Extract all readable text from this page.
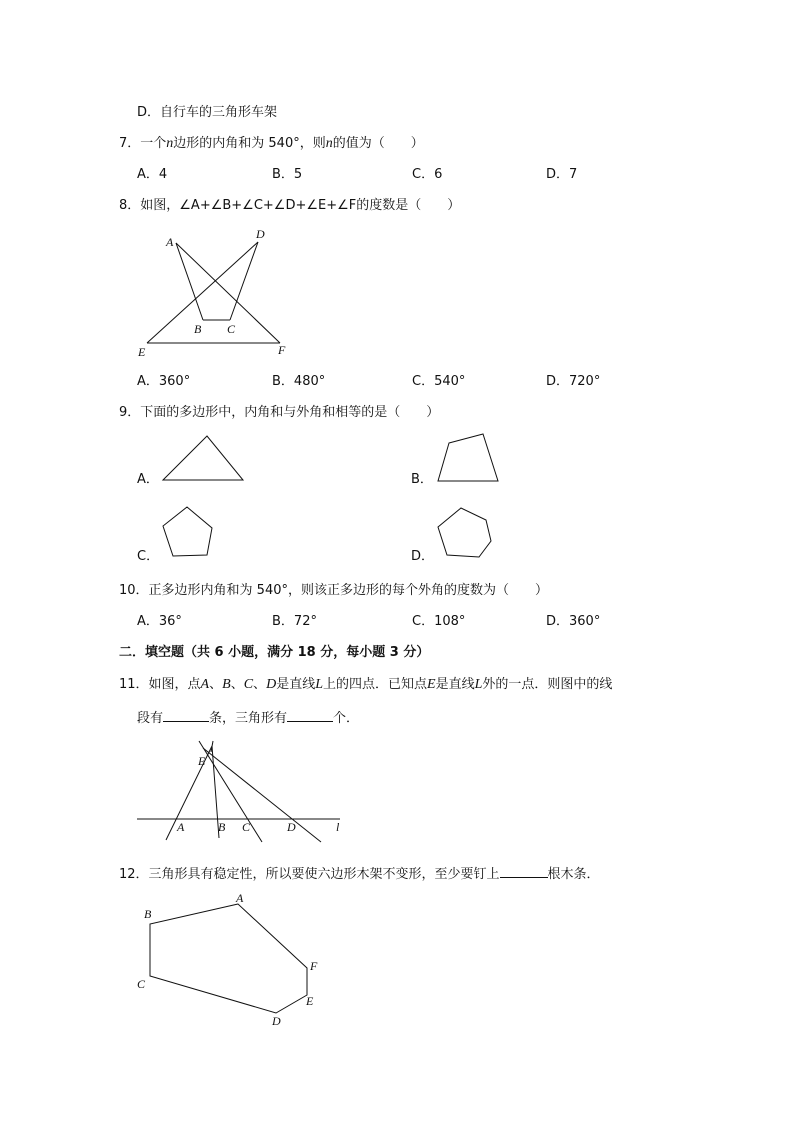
D．自行车的三角形车架
7．一个n边形的内角和为 540°，则n的值为（　　）
A．4	B．5	C．6	D．7
8．如图，∠A+∠B+∠C+∠D+∠E+∠F的度数是（　　）
A
D
B C
E	F
A．360°	B．480°	C．540°	D．720°
9．下面的多边形中，内角和与外角和相等的是（　　）
A．	B．
C．	D．
10．正多边形内角和为 540°，则该正多边形的每个外角的度数为（　　）
A．36°	B．72°	C．108°	D．360°
二．填空题（共 6 小题，满分 18 分，每小题 3 分）
11．如图，点A、B、C、D是直线L上的四点．已知点E是直线L外的一点．则图中的线
段有	条，三角形有	个．
E
A	B C	D	l
12．三角形具有稳定性，所以要使六边形木架不变形，至少要钉上	根木条．
A
B
C
D
E
F
